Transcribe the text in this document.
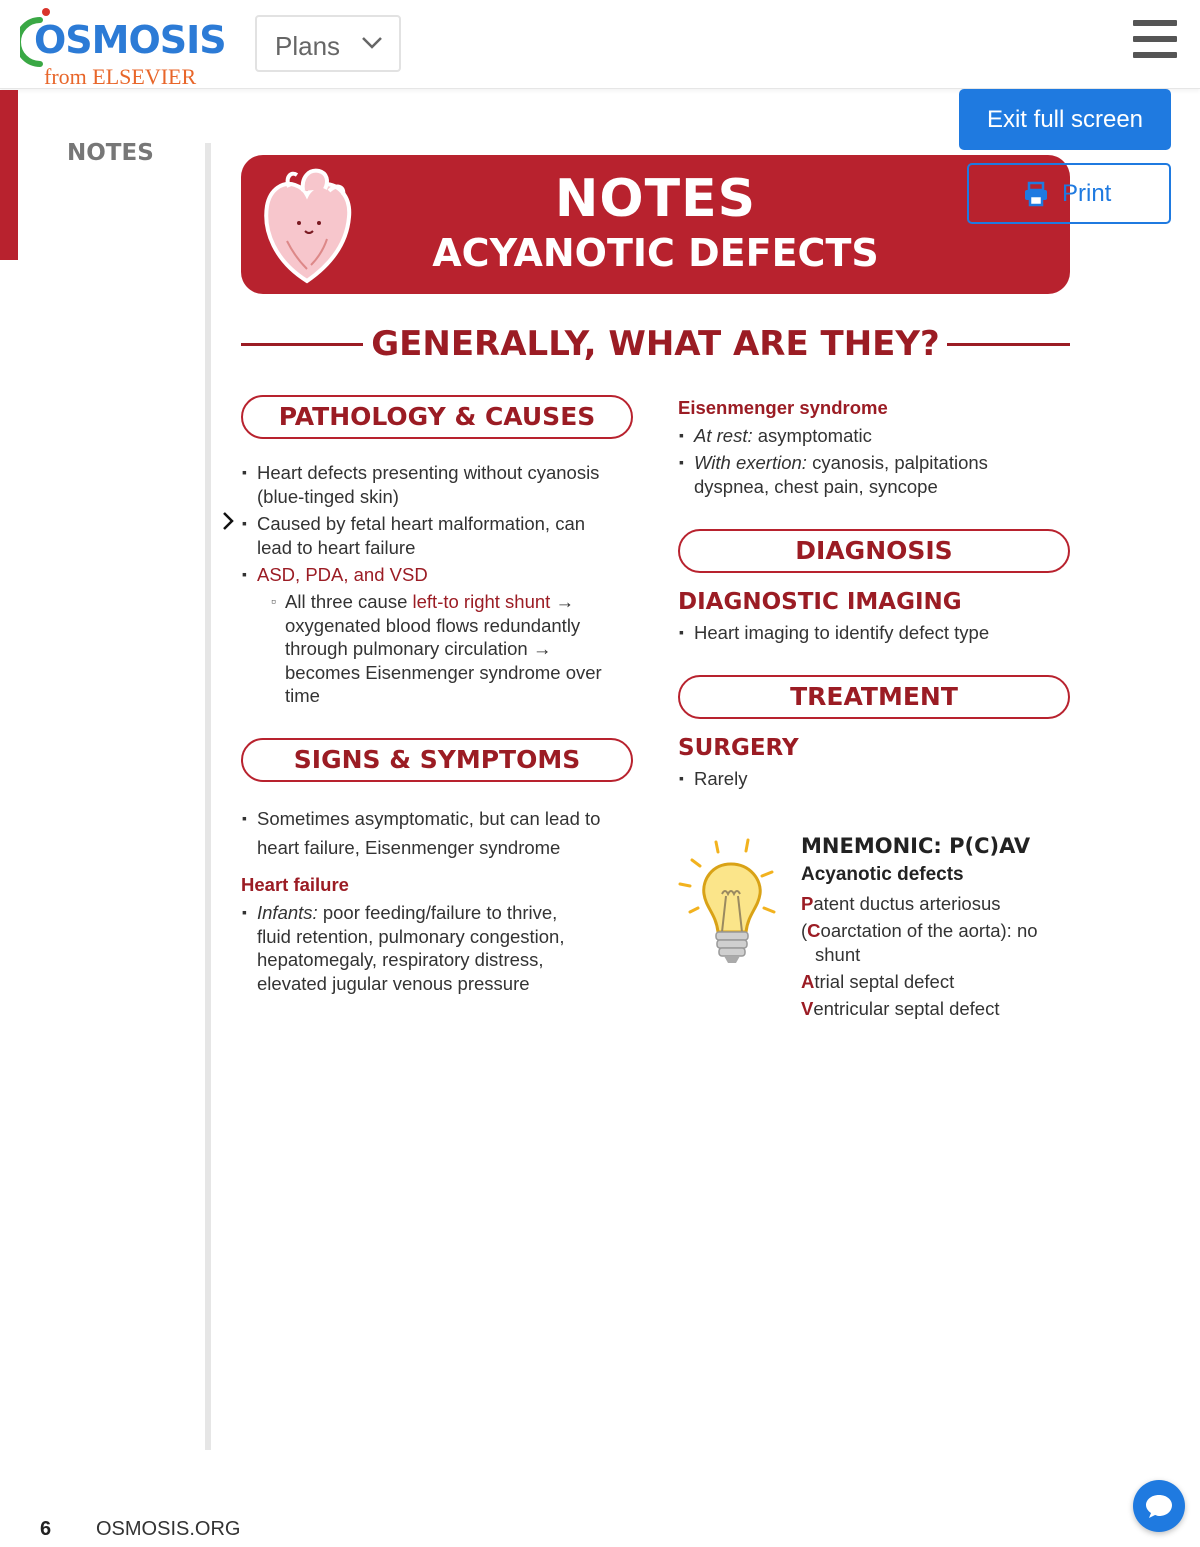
OSMOSIS
from ELSEVIER
Plans
NOTES
NOTES
ACYANOTIC DEFECTS
Exit full screen
Print
GENERALLY, WHAT ARE THEY?
PATHOLOGY & CAUSES
▪ Heart defects presenting without cyanosis
(blue-tinged skin)
▪ Caused by fetal heart malformation, can
lead to heart failure
▪ ASD, PDA, and VSD
▫ All three cause left-to right shunt →
oxygenated blood flows redundantly
through pulmonary circulation →
becomes Eisenmenger syndrome over
time
SIGNS & SYMPTOMS
▪ Sometimes asymptomatic, but can lead to
heart failure, Eisenmenger syndrome
Heart failure
▪ Infants: poor feeding/failure to thrive,
fluid retention, pulmonary congestion,
hepatomegaly, respiratory distress,
elevated jugular venous pressure
Eisenmenger syndrome
▪ At rest: asymptomatic
▪ With exertion: cyanosis, palpitations
dyspnea, chest pain, syncope
DIAGNOSIS
DIAGNOSTIC IMAGING
▪ Heart imaging to identify defect type
TREATMENT
SURGERY
▪ Rarely
MNEMONIC: P(C)AV
Acyanotic defects
Patent ductus arteriosus
(Coarctation of the aorta): no
shunt
Atrial septal defect
Ventricular septal defect
6 OSMOSIS.ORG
